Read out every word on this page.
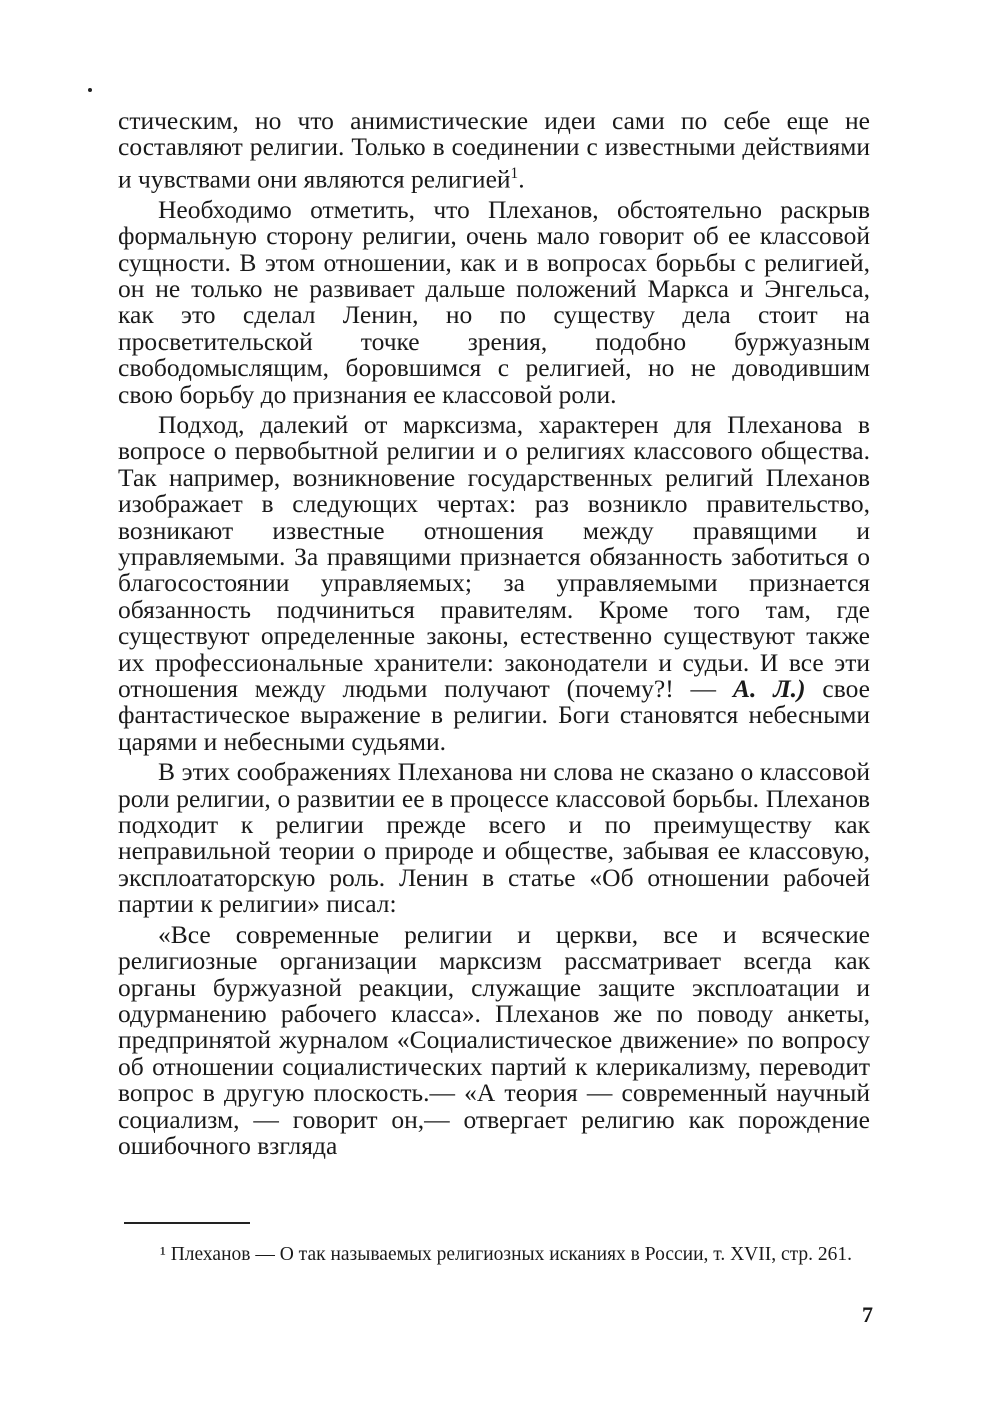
стическим, но что анимистические идеи сами по себе еще не составляют религии. Только в соединении с известными действиями и чувствами они являются религией$^1$.

Необходимо отметить, что Плеханов, обстоятельно раскрыв формальную сторону религии, очень мало говорит об ее классовой сущности. В этом отношении, как и в вопросах борьбы с религией, он не только не развивает дальше положений Маркса и Энгельса, как это сделал Ленин, но по существу дела стоит на просветительской точке зрения, подобно буржуазным свободомыслящим, боровшимся с религией, но не доводившим свою борьбу до признания ее классовой роли.

Подход, далекий от марксизма, характерен для Плеханова в вопросе о первобытной религии и о религиях классового общества. Так например, возникновение государственных религий Плеханов изображает в следующих чертах: раз возникло правительство, возникают известные отношения между правящими и управляемыми. За правящими признается обязанность заботиться о благосостоянии управляемых; за управляемыми признается обязанность подчиниться правителям. Кроме того там, где существуют определенные законы, естественно существуют также их профессиональные хранители: законодатели и судьи. И все эти отношения между людьми получают (почему?! — А. Л.) свое фантастическое выражение в религии. Боги становятся небесными царями и небесными судьями.

В этих соображениях Плеханова ни слова не сказано о классовой роли религии, о развитии ее в процессе классовой борьбы. Плеханов подходит к религии прежде всего и по преимуществу как неправильной теории о природе и обществе, забывая ее классовую, эксплоататорскую роль. Ленин в статье «Об отношении рабочей партии к религии» писал:

«Все современные религии и церкви, все и всяческие религиозные организации марксизм рассматривает всегда как органы буржуазной реакции, служащие защите эксплоатации и одурманению рабочего класса». Плеханов же по поводу анкеты, предпринятой журналом «Социалистическое движение» по вопросу об отношении социалистических партий к клерикализму, переводит вопрос в другую плоскость.— «А теория — современный научный социализм, — говорит он,— отвергает религию как порождение ошибочного взгляда

¹ Плеханов — О так называемых религиозных исканиях в России, т. XVII, стр. 261.

7
